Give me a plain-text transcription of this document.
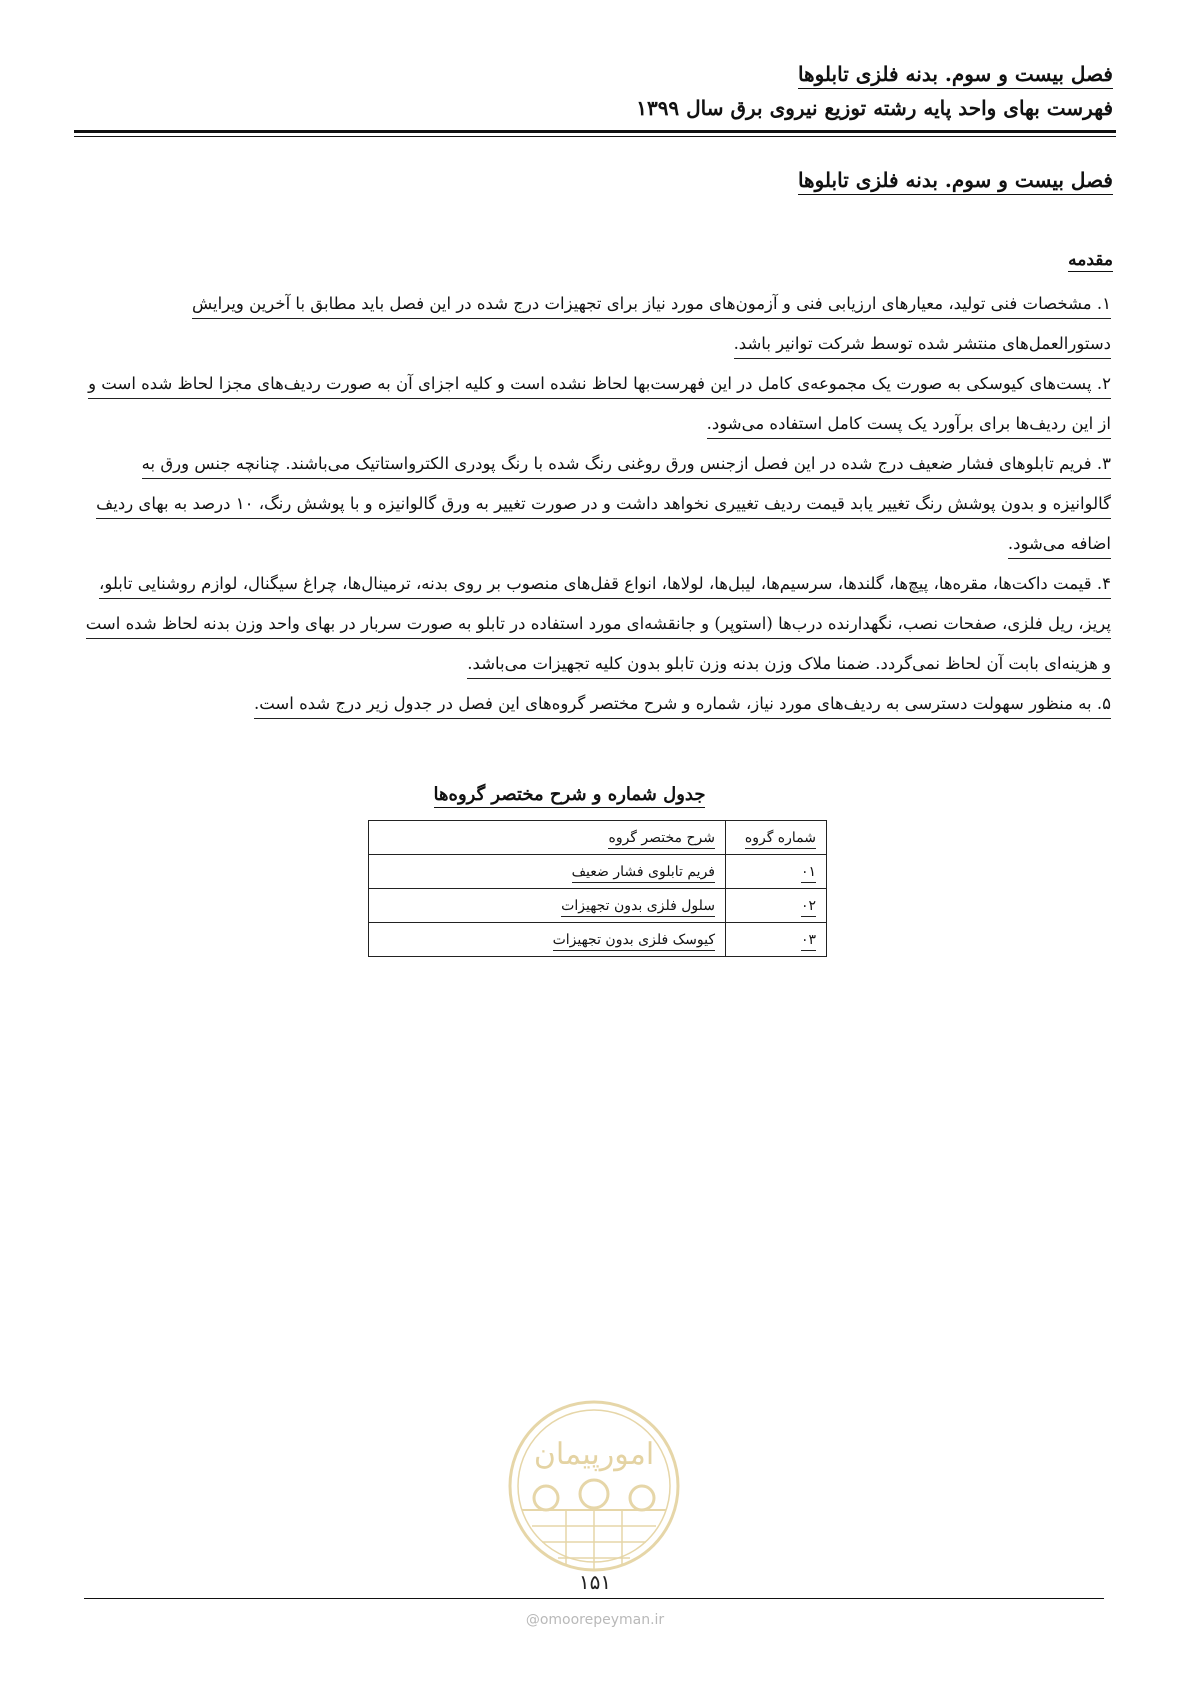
فصل بیست و سوم. بدنه فلزی تابلوها
فهرست بهای واحد پایه رشته توزیع نیروی برق سال ۱۳۹۹
فصل بیست و سوم. بدنه فلزی تابلوها
مقدمه

۱. مشخصات فنی تولید، معیارهای ارزیابی فنی و آزمون‌های مورد نیاز برای تجهیزات درج شده در این فصل باید مطابق با آخرین ویرایش دستورالعمل‌های منتشر شده توسط شرکت توانیر باشد.

۲. پست‌های کیوسکی به صورت یک مجموعه‌ی کامل در این فهرست‌بها لحاظ نشده است و کلیه اجزای آن به صورت ردیف‌های مجزا لحاظ شده است و از این ردیف‌ها برای برآورد یک پست کامل استفاده می‌شود.

۳. فریم تابلوهای فشار ضعیف درج شده در این فصل ازجنس ورق روغنی رنگ شده با رنگ پودری الکترواستاتیک می‌باشند. چنانچه جنس ورق به گالوانیزه و بدون پوشش رنگ تغییر یابد قیمت ردیف تغییری نخواهد داشت و در صورت تغییر به ورق گالوانیزه و با پوشش رنگ، ۱۰ درصد به بهای ردیف اضافه می‌شود.

۴. قیمت داکت‌ها، مقره‌ها، پیچ‌ها، گلندها، سرسیم‌ها، لیبل‌ها، لولاها، انواع قفل‌های منصوب بر روی بدنه، ترمینال‌ها، چراغ سیگنال، لوازم روشنایی تابلو، پریز، ریل فلزی، صفحات نصب، نگهدارنده درب‌ها (استوپر) و جانقشه‌ای مورد استفاده در تابلو به صورت سربار در بهای واحد وزن بدنه لحاظ شده است و هزینه‌ای بابت آن لحاظ نمی‌گردد. ضمنا ملاک وزن بدنه وزن تابلو بدون کلیه تجهیزات می‌باشد.

۵. به منظور سهولت دسترسی به ردیف‌های مورد نیاز، شماره و شرح مختصر گروه‌های این فصل در جدول زیر درج شده است.

جدول شماره و شرح مختصر گروه‌ها
شماره گروه	شرح مختصر گروه
۰۱	فریم تابلوی فشار ضعیف
۰۲	سلول فلزی بدون تجهیزات
۰۳	کیوسک فلزی بدون تجهیزات
امورپیمان
۱۵۱
@omoorepeyman.ir
